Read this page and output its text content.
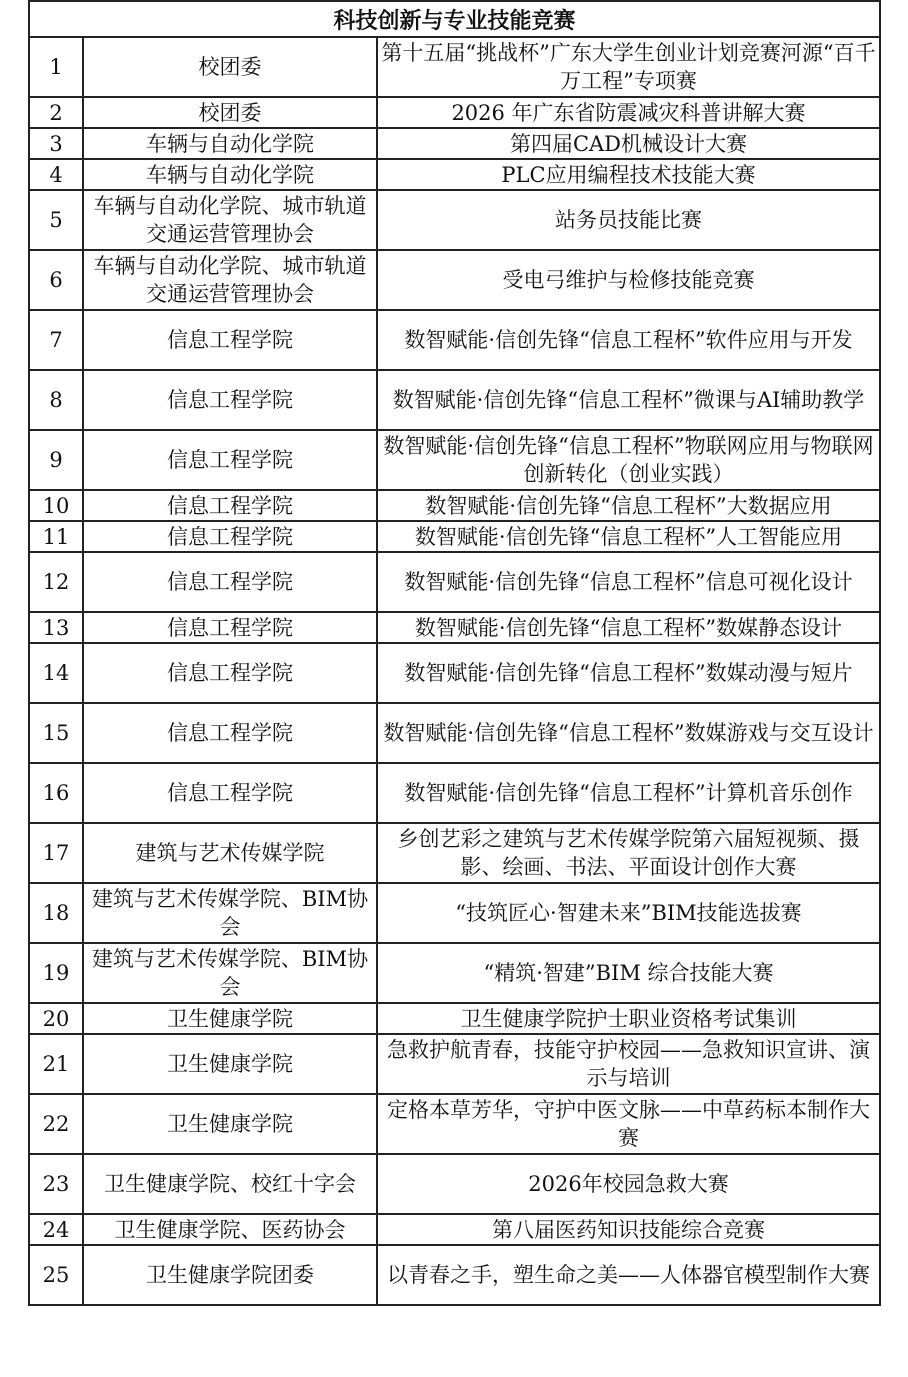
科技创新与专业技能竞赛		
1	校团委	第十五届“挑战杯”广东大学生创业计划竞赛河源“百千万工程”专项赛
2	校团委	2026 年广东省防震减灾科普讲解大赛
3	车辆与自动化学院	第四届CAD机械设计大赛
4	车辆与自动化学院	PLC应用编程技术技能大赛
5	车辆与自动化学院、城市轨道交通运营管理协会	站务员技能比赛
6	车辆与自动化学院、城市轨道交通运营管理协会	受电弓维护与检修技能竞赛
7	信息工程学院	数智赋能·信创先锋“信息工程杯”软件应用与开发
8	信息工程学院	数智赋能·信创先锋“信息工程杯”微课与AI辅助教学
9	信息工程学院	数智赋能·信创先锋“信息工程杯”物联网应用与物联网创新转化（创业实践）
10	信息工程学院	数智赋能·信创先锋“信息工程杯”大数据应用
11	信息工程学院	数智赋能·信创先锋“信息工程杯”人工智能应用
12	信息工程学院	数智赋能·信创先锋“信息工程杯”信息可视化设计
13	信息工程学院	数智赋能·信创先锋“信息工程杯”数媒静态设计
14	信息工程学院	数智赋能·信创先锋“信息工程杯”数媒动漫与短片
15	信息工程学院	数智赋能·信创先锋“信息工程杯”数媒游戏与交互设计
16	信息工程学院	数智赋能·信创先锋“信息工程杯”计算机音乐创作
17	建筑与艺术传媒学院	乡创艺彩之建筑与艺术传媒学院第六届短视频、摄影、绘画、书法、平面设计创作大赛
18	建筑与艺术传媒学院、BIM协会	“技筑匠心·智建未来”BIM技能选拔赛
19	建筑与艺术传媒学院、BIM协会	“精筑·智建”BIM 综合技能大赛
20	卫生健康学院	卫生健康学院护士职业资格考试集训
21	卫生健康学院	急救护航青春，技能守护校园——急救知识宣讲、演示与培训
22	卫生健康学院	定格本草芳华，守护中医文脉——中草药标本制作大赛
23	卫生健康学院、校红十字会	2026年校园急救大赛
24	卫生健康学院、医药协会	第八届医药知识技能综合竞赛
25	卫生健康学院团委	以青春之手，塑生命之美——人体器官模型制作大赛
